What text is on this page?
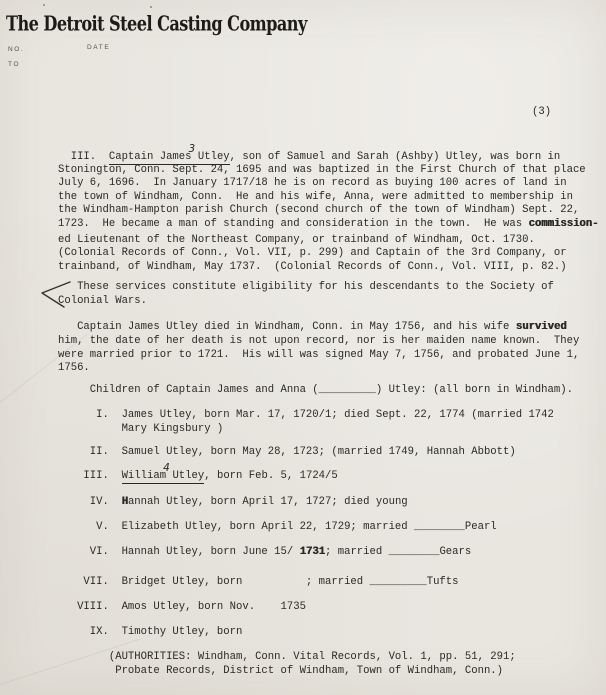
The Detroit Steel Casting Company
NO.	DATE
TO
(3)
III.  Captain James3 Utley, son of Samuel and Sarah (Ashby) Utley, was born in
Stonington, Conn. Sept. 24, 1695 and was baptized in the First Church of that place
July 6, 1696.  In January 1717/18 he is on record as buying 100 acres of land in
the town of Windham, Conn.  He and his wife, Anna, were admitted to membership in
the Windham-Hampton parish Church (second church of the town of Windham) Sept. 22,
1723.  He became a man of standing and consideration in the town.  He was commission-
ed Lieutenant of the Northeast Company, or trainband of Windham, Oct. 1730.
(Colonial Records of Conn., Vol. VII, p. 299) and Captain of the 3rd Company, or
trainband, of Windham, May 1737.  (Colonial Records of Conn., Vol. VIII, p. 82.)
These services constitute eligibility for his descendants to the Society of
Colonial Wars.
Captain James Utley died in Windham, Conn. in May 1756, and his wife survived
him, the date of her death is not upon record, nor is her maiden name known.  They
were married prior to 1721.  His will was signed May 7, 1756, and probated June 1,
1756.
Children of Captain James and Anna (_________) Utley: (all born in Windham).
I.  James Utley, born Mar. 17, 1720/1; died Sept. 22, 1774 (married 1742
Mary Kingsbury )
II.  Samuel Utley, born May 28, 1723; (married 1749, Hannah Abbott)
III.  William4 Utley, born Feb. 5, 1724/5
IV.  Hannah Utley, born April 17, 1727; died young
V.  Elizabeth Utley, born April 22, 1729; married ________Pearl
VI.  Hannah Utley, born June 15/ 1731; married ________Gears
VII.  Bridget Utley, born          ; married _________Tufts
VIII.  Amos Utley, born Nov.    1735
IX.  Timothy Utley, born
(AUTHORITIES: Windham, Conn. Vital Records, Vol. 1, pp. 51, 291;
Probate Records, District of Windham, Town of Windham, Conn.)
